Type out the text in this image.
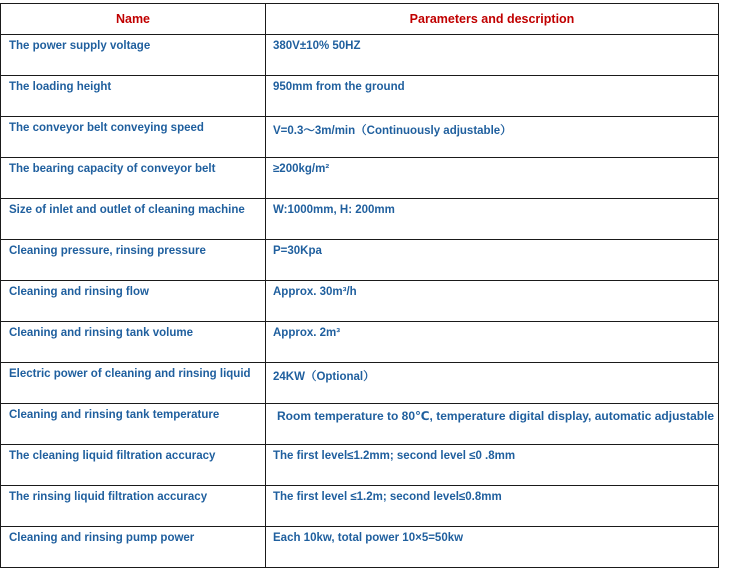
Name	Parameters and description

The power supply voltage	380V±10% 50HZ

The loading height	950mm from the ground

The conveyor belt conveying speed	V=0.3～3m/min（Continuously adjustable）

The bearing capacity of conveyor belt	≥200kg/m²

Size of inlet and outlet of cleaning machine	W:1000mm, H: 200mm

Cleaning pressure, rinsing pressure	P=30Kpa

Cleaning and rinsing flow	Approx. 30m³/h

Cleaning and rinsing tank volume	Approx. 2m³

Electric power of cleaning and rinsing liquid	24KW（Optional）

Cleaning and rinsing tank temperature	Room temperature to 80℃, temperature digital display, automatic adjustable

The cleaning liquid filtration accuracy	The first level≤1.2mm; second level ≤0 .8mm

The rinsing liquid filtration accuracy	The first level ≤1.2m; second level≤0.8mm

Cleaning and rinsing pump power	Each 10kw, total power 10×5=50kw
